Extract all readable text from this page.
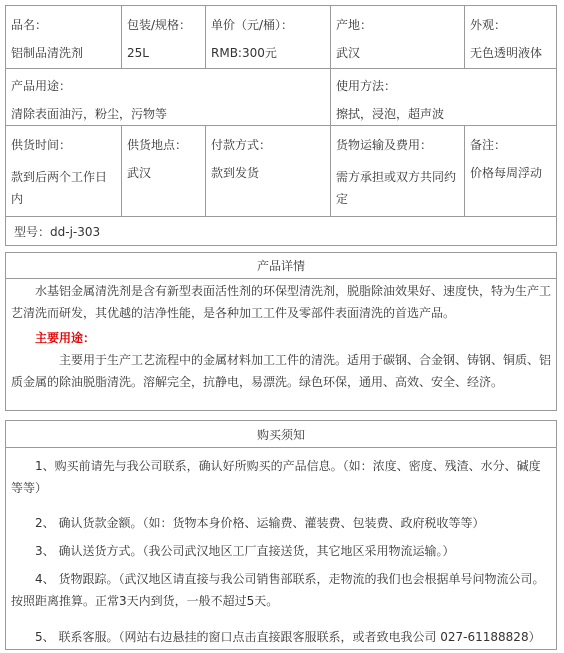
品名：
铝制品清洗剂
包装/规格：
25L
单价（元/桶）：
RMB:300元
产地：
武汉
外观：
无色透明液体
产品用途：
清除表面油污，粉尘，污物等
使用方法：
擦拭，浸泡，超声波
供货时间：
款到后两个工作日内
供货地点：
武汉
付款方式：
款到发货
货物运输及费用：
需方承担或双方共同约定
备注：
价格每周浮动
型号：dd-j-303
产品详情
水基铝金属清洗剂是含有新型表面活性剂的环保型清洗剂，脱脂除油效果好、速度快，特为生产工艺清洗而研发，其优越的洁净性能，是各种加工工件及零部件表面清洗的首选产品。
主要用途：
主要用于生产工艺流程中的金属材料加工工件的清洗。适用于碳钢、合金钢、铸钢、铜质、铝质金属的除油脱脂清洗。溶解完全，抗静电，易漂洗。绿色环保，通用、高效、安全、经济。
购买须知
1、购买前请先与我公司联系，确认好所购买的产品信息。（如：浓度、密度、残渣、水分、碱度等等）
2、 确认货款金额。（如：货物本身价格、运输费、灌装费、包装费、政府税收等等）
3、 确认送货方式。（我公司武汉地区工厂直接送货，其它地区采用物流运输。）
4、 货物跟踪。（武汉地区请直接与我公司销售部联系，走物流的我们也会根据单号问物流公司。按照距离推算。正常3天内到货，一般不超过5天。
5、 联系客服。（网站右边悬挂的窗口点击直接跟客服联系，或者致电我公司 027-61188828）
